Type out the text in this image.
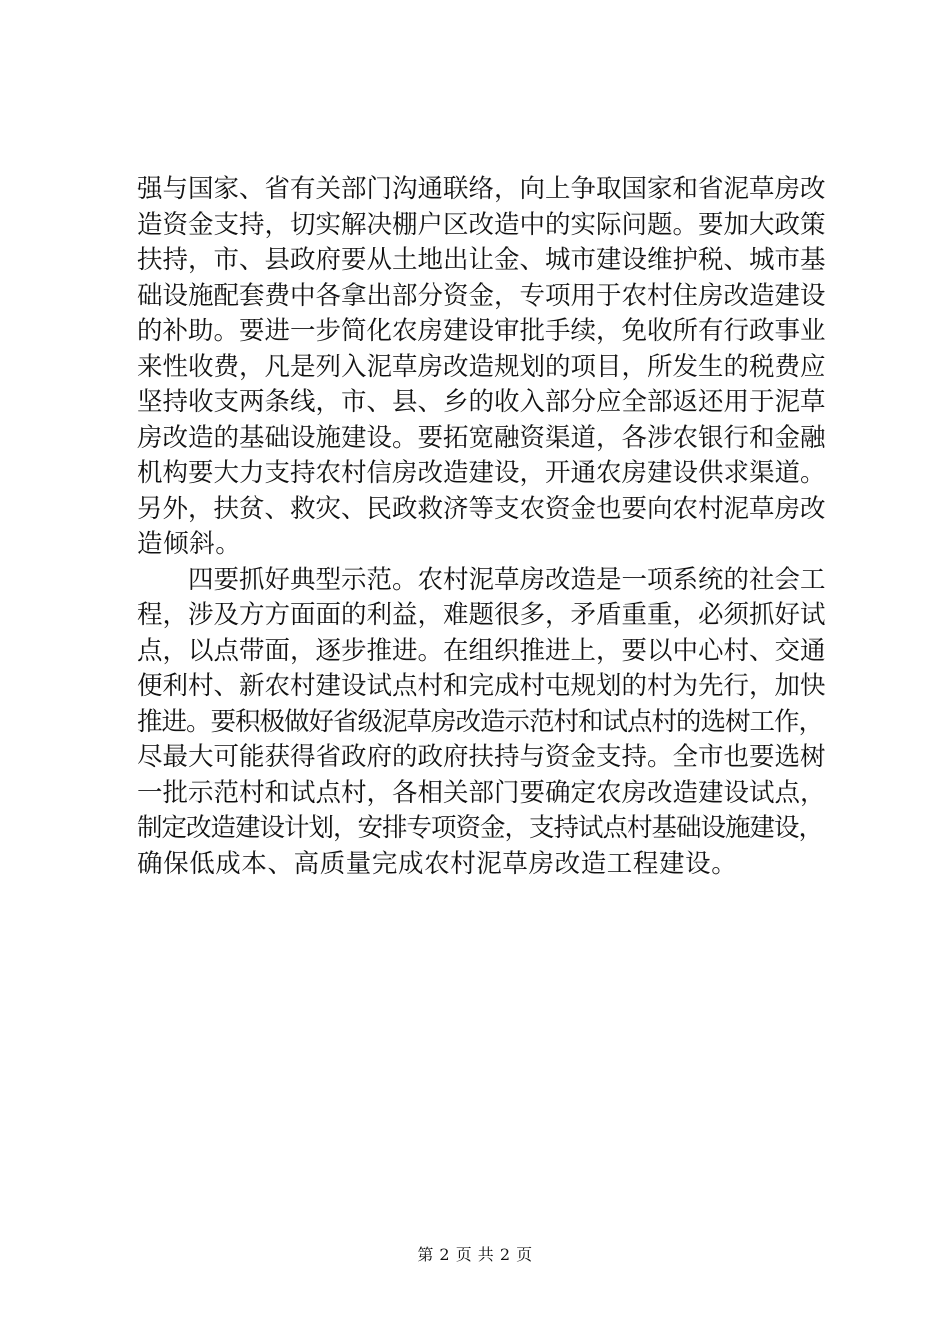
强与国家、省有关部门沟通联络，向上争取国家和省泥草房改
造资金支持，切实解决棚户区改造中的实际问题。要加大政策
扶持，市、县政府要从土地出让金、城市建设维护税、城市基
础设施配套费中各拿出部分资金，专项用于农村住房改造建设
的补助。要进一步简化农房建设审批手续，免收所有行政事业
来性收费，凡是列入泥草房改造规划的项目，所发生的税费应
坚持收支两条线，市、县、乡的收入部分应全部返还用于泥草
房改造的基础设施建设。要拓宽融资渠道，各涉农银行和金融
机构要大力支持农村信房改造建设，开通农房建设供求渠道。
另外，扶贫、救灾、民政救济等支农资金也要向农村泥草房改
造倾斜。
四要抓好典型示范。农村泥草房改造是一项系统的社会工
程，涉及方方面面的利益，难题很多，矛盾重重，必须抓好试
点，以点带面，逐步推进。在组织推进上，要以中心村、交通
便利村、新农村建设试点村和完成村屯规划的村为先行，加快
推进。要积极做好省级泥草房改造示范村和试点村的选树工作，
尽最大可能获得省政府的政府扶持与资金支持。全市也要选树
一批示范村和试点村，各相关部门要确定农房改造建设试点，
制定改造建设计划，安排专项资金，支持试点村基础设施建设，
确保低成本、高质量完成农村泥草房改造工程建设。
第 2 页 共 2 页
